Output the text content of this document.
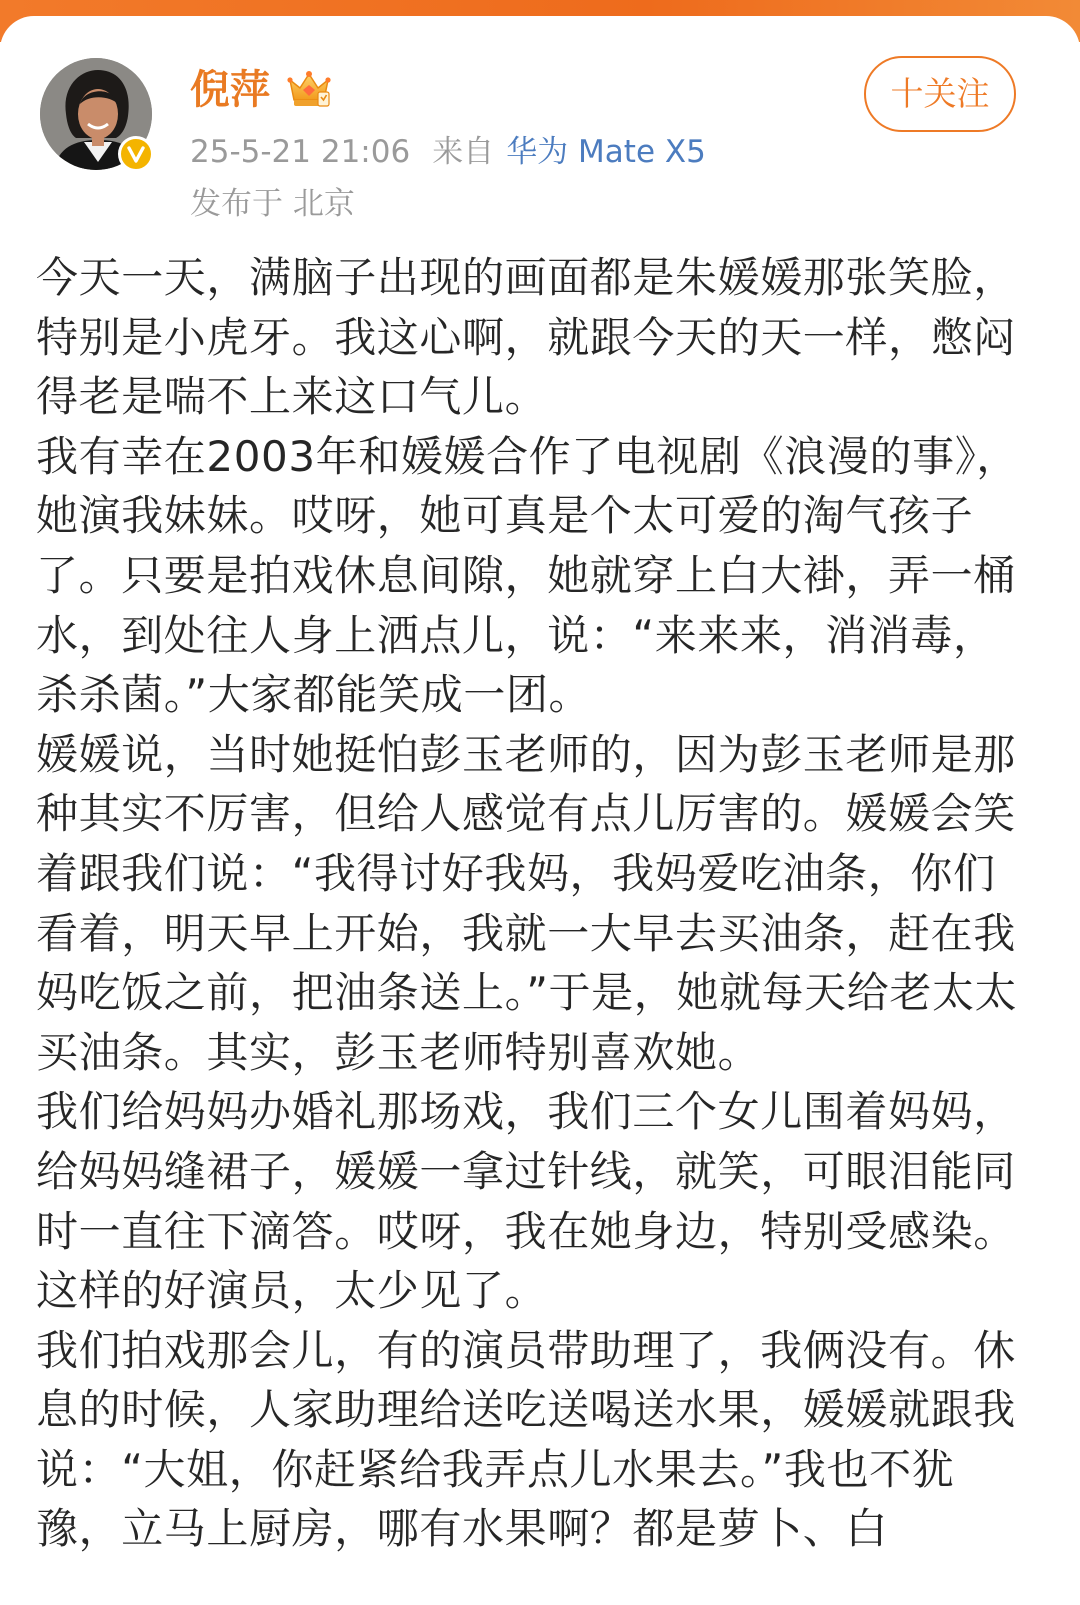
倪萍
25-5-21 21:06 来自 华为 Mate X5
发布于 北京
十关注

今天一天，满脑子出现的画面都是朱媛媛那张笑脸，特别是小虎牙。我这心啊，就跟今天的天一样，憋闷得老是喘不上来这口气儿。

我有幸在2003年和媛媛合作了电视剧《浪漫的事》，她演我妹妹。哎呀，她可真是个太可爱的淘气孩子了。只要是拍戏休息间隙，她就穿上白大褂，弄一桶水，到处往人身上洒点儿，说：“来来来，消消毒，杀杀菌。”大家都能笑成一团。

媛媛说，当时她挺怕彭玉老师的，因为彭玉老师是那种其实不厉害，但给人感觉有点儿厉害的。媛媛会笑着跟我们说：“我得讨好我妈，我妈爱吃油条，你们看着，明天早上开始，我就一大早去买油条，赶在我妈吃饭之前，把油条送上。”于是，她就每天给老太太买油条。其实，彭玉老师特别喜欢她。

我们给妈妈办婚礼那场戏，我们三个女儿围着妈妈，给妈妈缝裙子，媛媛一拿过针线，就笑，可眼泪能同时一直往下滴答。哎呀，我在她身边，特别受感染。这样的好演员，太少见了。

我们拍戏那会儿，有的演员带助理了，我俩没有。休息的时候，人家助理给送吃送喝送水果，媛媛就跟我说：“大姐，你赶紧给我弄点儿水果去。”我也不犹豫，立马上厨房，哪有水果啊？都是萝卜、白
